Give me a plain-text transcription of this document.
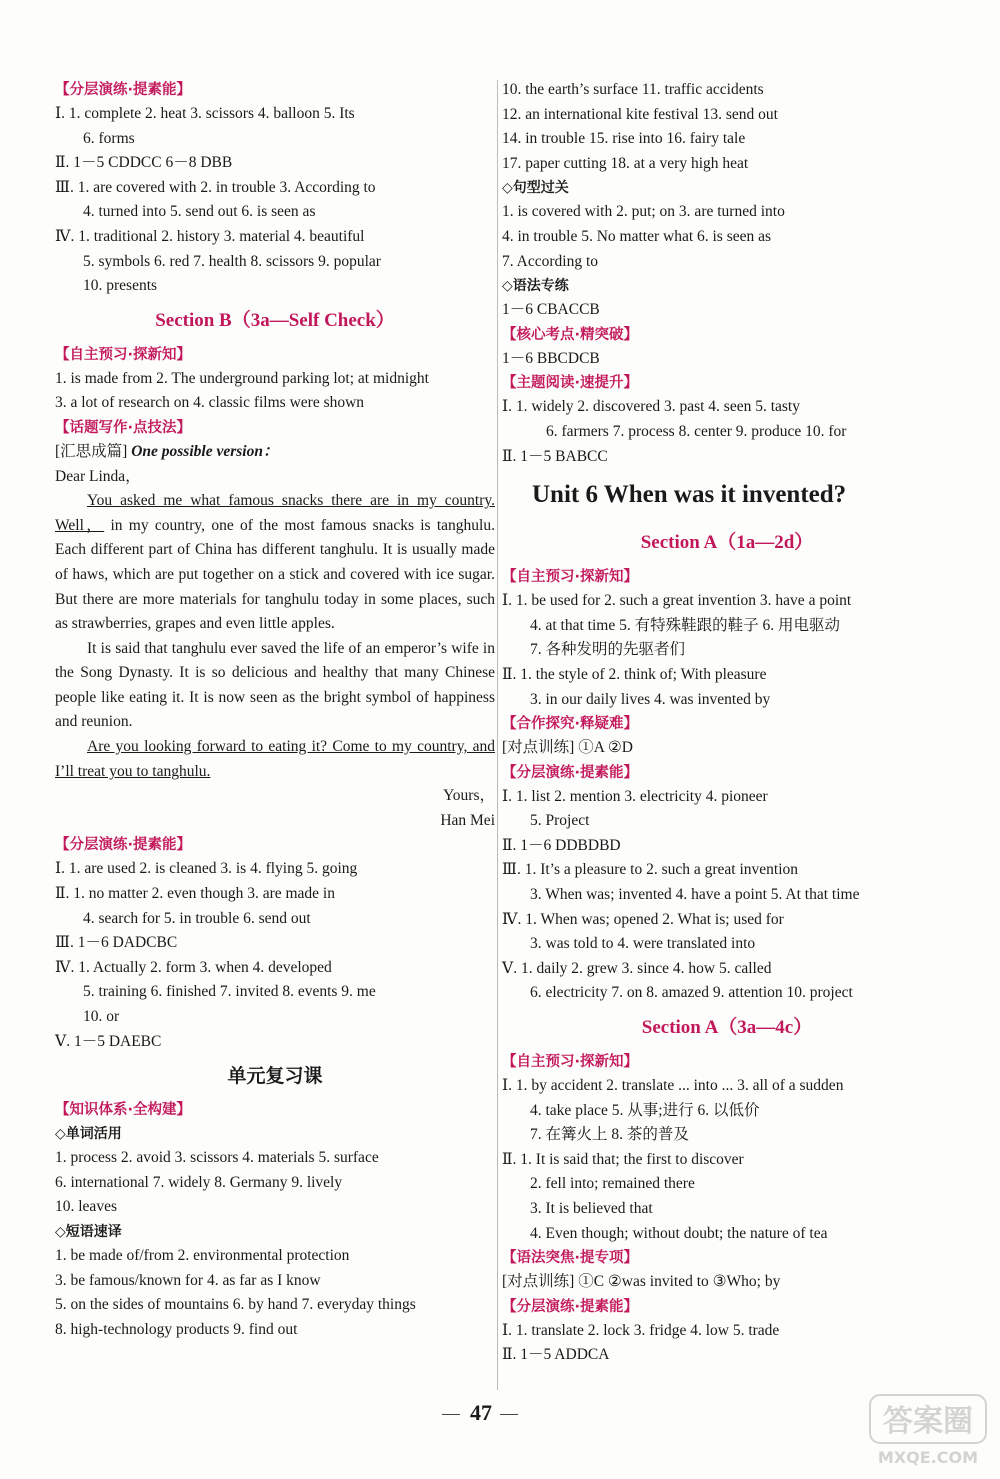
【分层演练·提素能】
Ⅰ. 1. complete 2. heat 3. scissors 4. balloon 5. Its
6. forms
Ⅱ. 1－5 CDDCC 6－8 DBB
Ⅲ. 1. are covered with 2. in trouble 3. According to
4. turned into 5. send out 6. is seen as
Ⅳ. 1. traditional 2. history 3. material 4. beautiful
5. symbols 6. red 7. health 8. scissors 9. popular
10. presents
Section B（3a—Self Check）
【自主预习·探新知】
1. is made from 2. The underground parking lot; at midnight
3. a lot of research on 4. classic films were shown
【话题写作·点技法】
[汇思成篇] One possible version：
Dear Linda，

You asked me what famous snacks there are in my country. Well， in my country, one of the most famous snacks is tanghulu. Each different part of China has different tanghulu. It is usually made of haws, which are put together on a stick and covered with ice sugar. But there are more materials for tanghulu today in some places, such as strawberries, grapes and even little apples.

It is said that tanghulu ever saved the life of an emperor’s wife in the Song Dynasty. It is so delicious and healthy that many Chinese people like eating it. It is now seen as the bright symbol of happiness and reunion.

Are you looking forward to eating it? Come to my country, and I’ll treat you to tanghulu.

Yours，
Han Mei
【分层演练·提素能】
Ⅰ. 1. are used 2. is cleaned 3. is 4. flying 5. going
Ⅱ. 1. no matter 2. even though 3. are made in
4. search for 5. in trouble 6. send out
Ⅲ. 1－6 DADCBC
Ⅳ. 1. Actually 2. form 3. when 4. developed
5. training 6. finished 7. invited 8. events 9. me
10. or
Ⅴ. 1－5 DAEBC
单元复习课
【知识体系·全构建】
◇单词活用
1. process 2. avoid 3. scissors 4. materials 5. surface
6. international 7. widely 8. Germany 9. lively
10. leaves
◇短语速译
1. be made of/from 2. environmental protection
3. be famous/known for 4. as far as I know
5. on the sides of mountains 6. by hand 7. everyday things
8. high-technology products 9. find out
10. the earth’s surface 11. traffic accidents
12. an international kite festival 13. send out
14. in trouble 15. rise into 16. fairy tale
17. paper cutting 18. at a very high heat
◇句型过关
1. is covered with 2. put; on 3. are turned into
4. in trouble 5. No matter what 6. is seen as
7. According to
◇语法专练
1－6 CBACCB
【核心考点·精突破】
1－6 BBCDCB
【主题阅读·速提升】
Ⅰ. 1. widely 2. discovered 3. past 4. seen 5. tasty
6. farmers 7. process 8. center 9. produce 10. for
Ⅱ. 1－5 BABCC
Unit 6 When was it invented?
Section A（1a—2d）
【自主预习·探新知】
Ⅰ. 1. be used for 2. such a great invention 3. have a point
4. at that time 5. 有特殊鞋跟的鞋子 6. 用电驱动
7. 各种发明的先驱者们
Ⅱ. 1. the style of 2. think of; With pleasure
3. in our daily lives 4. was invented by
【合作探究·释疑难】
[对点训练] ①A ②D
【分层演练·提素能】
Ⅰ. 1. list 2. mention 3. electricity 4. pioneer
5. Project
Ⅱ. 1－6 DDBDBD
Ⅲ. 1. It’s a pleasure to 2. such a great invention
3. When was; invented 4. have a point 5. At that time
Ⅳ. 1. When was; opened 2. What is; used for
3. was told to 4. were translated into
Ⅴ. 1. daily 2. grew 3. since 4. how 5. called
6. electricity 7. on 8. amazed 9. attention 10. project
Section A（3a—4c）
【自主预习·探新知】
Ⅰ. 1. by accident 2. translate ... into ... 3. all of a sudden
4. take place 5. 从事;进行 6. 以低价
7. 在篝火上 8. 茶的普及
Ⅱ. 1. It is said that; the first to discover
2. fell into; remained there
3. It is believed that
4. Even though; without doubt; the nature of tea
【语法突焦·提专项】
[对点训练] ①C ②was invited to ③Who; by
【分层演练·提素能】
Ⅰ. 1. translate 2. lock 3. fridge 4. low 5. trade
Ⅱ. 1－5 ADDCA
47	答案圈
MXQE.COM
